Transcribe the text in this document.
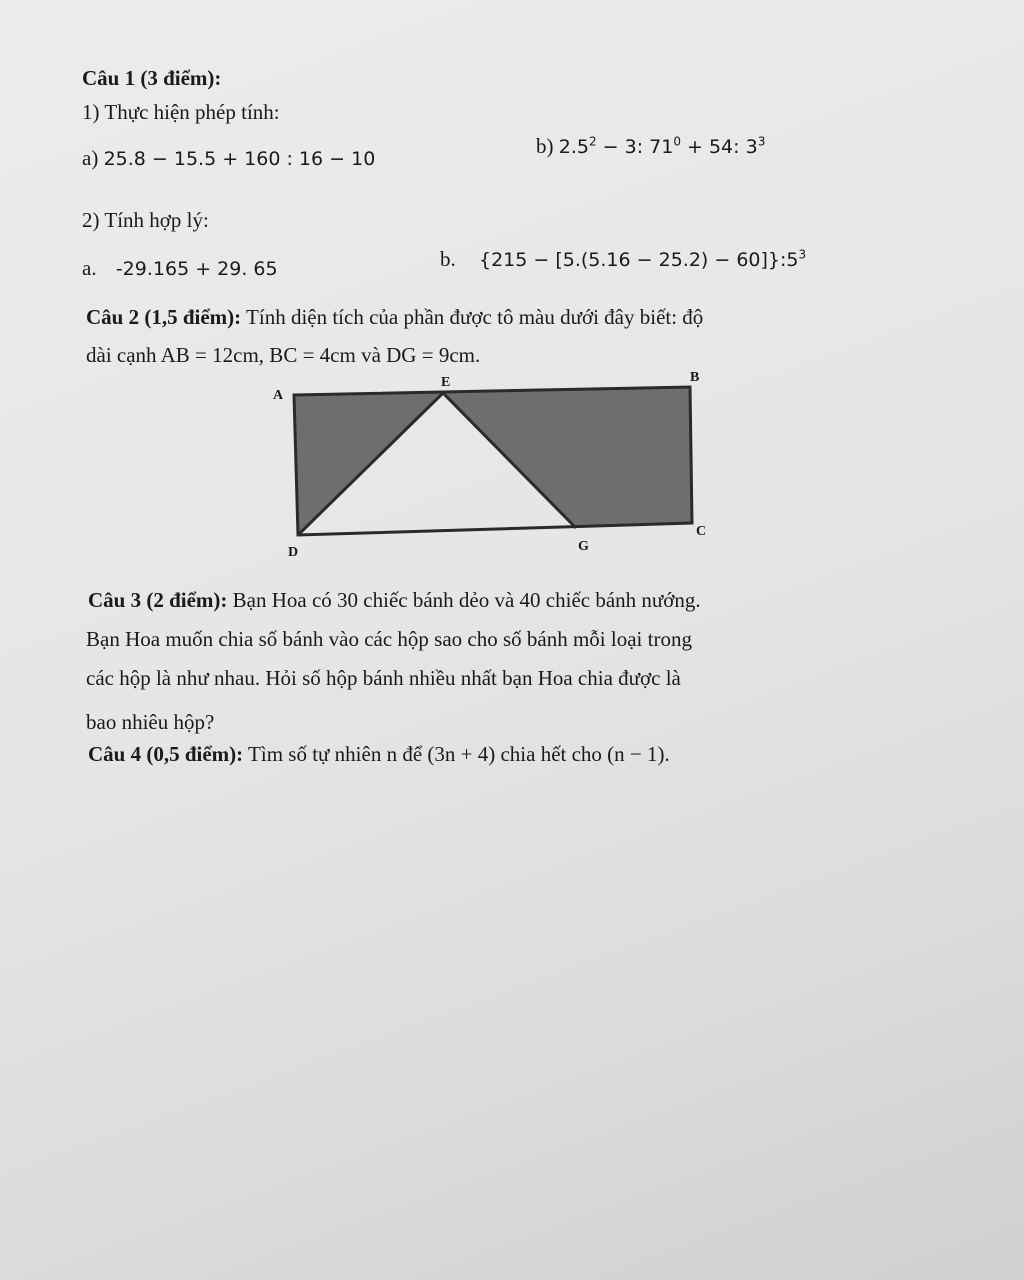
Câu 1 (3 điểm):
1) Thực hiện phép tính:
a) 25.8 − 15.5 + 160 : 16 − 10
b) $2.5^2 - 3$: $71^0 + 54$: $3^3$
2) Tính hợp lý:
a. -29.165 + 29. 65	b. $\{215 - [5.(5.16 - 25.2) - 60]\}:5^3$
Câu 2 (1,5 điểm): Tính diện tích của phần được tô màu dưới đây biết: độ
dài cạnh AB = 12cm, BC = 4cm và DG = 9cm.
A
E	B
C
D	G
Câu 3 (2 điểm): Bạn Hoa có 30 chiếc bánh dẻo và 40 chiếc bánh nướng.
Bạn Hoa muốn chia số bánh vào các hộp sao cho số bánh mỗi loại trong
các hộp là như nhau. Hỏi số hộp bánh nhiều nhất bạn Hoa chia được là
bao nhiêu hộp?
Câu 4 (0,5 điểm): Tìm số tự nhiên n để (3n + 4) chia hết cho (n − 1).
